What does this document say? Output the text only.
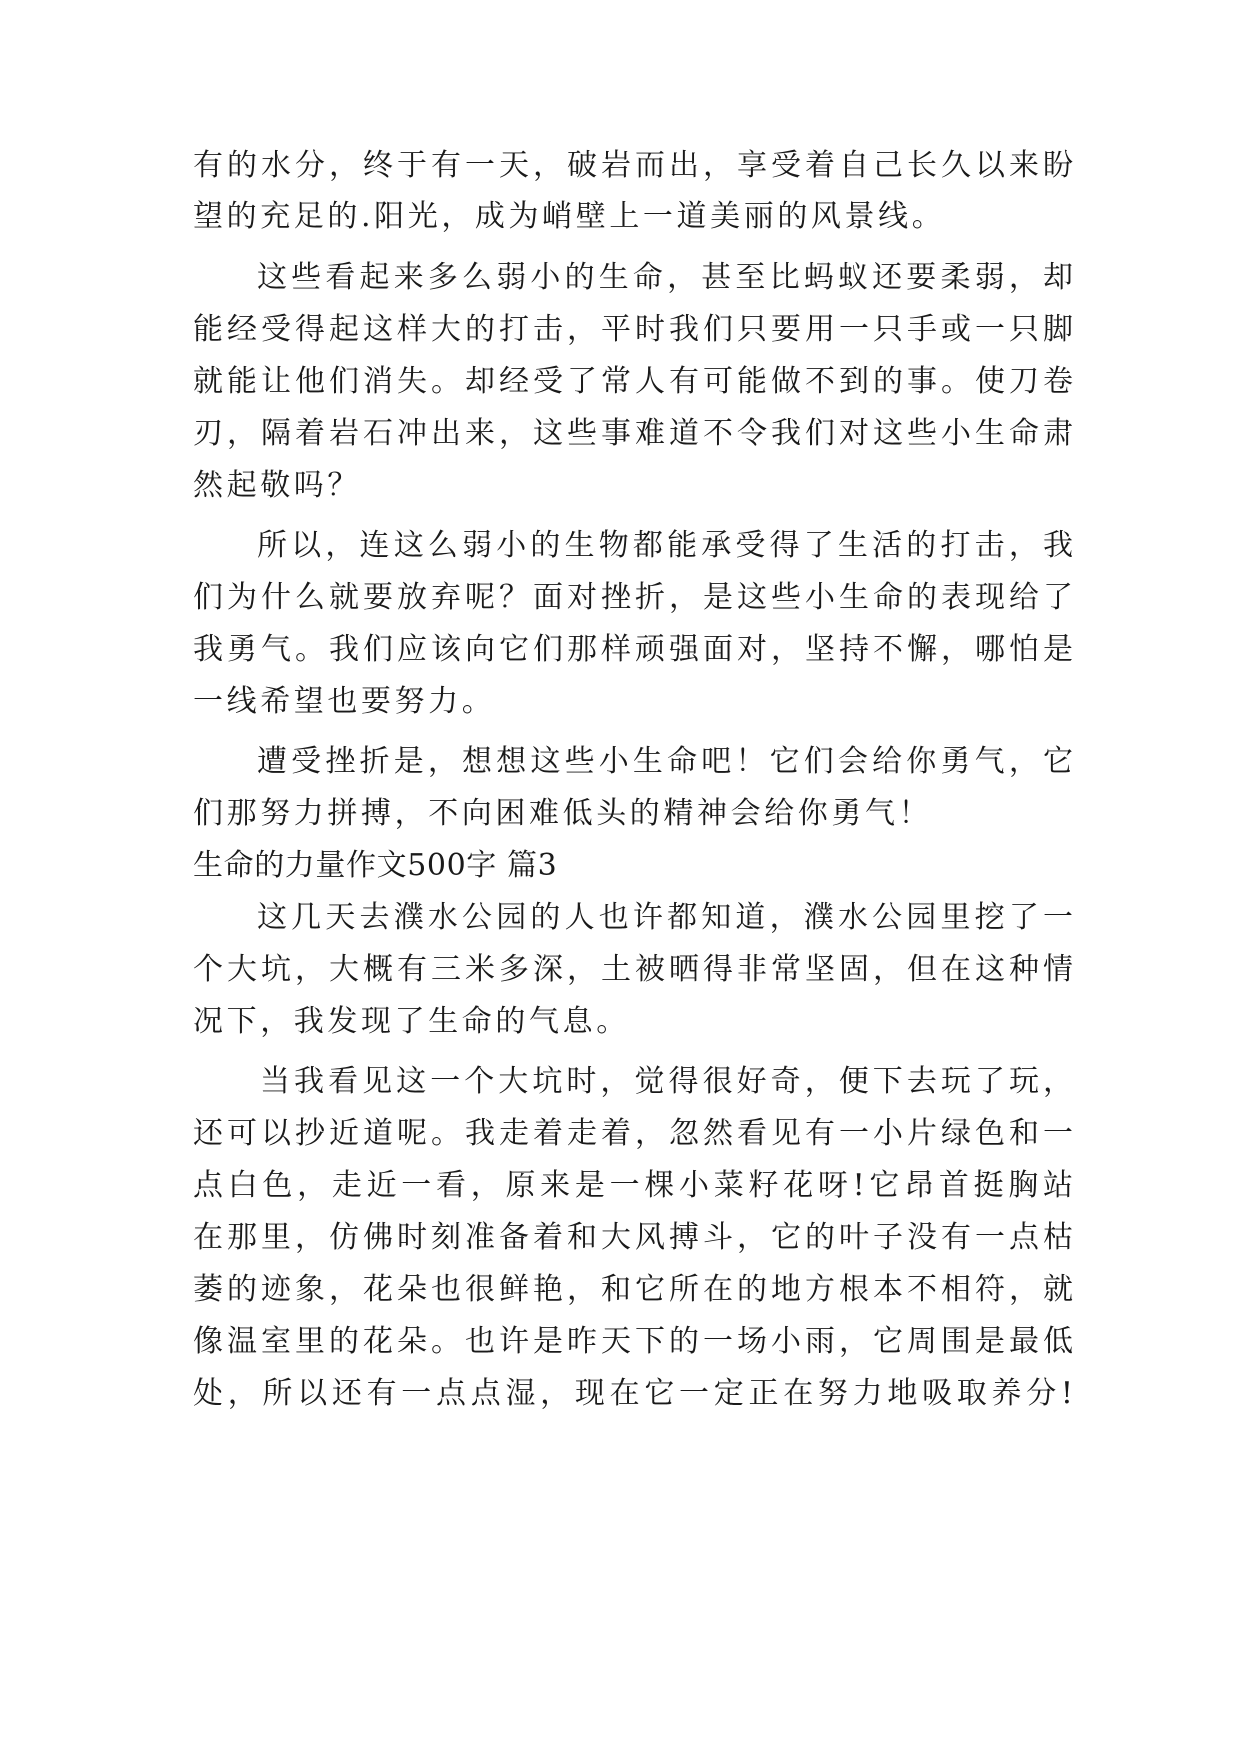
有的水分，终于有一天，破岩而出，享受着自己长久以来盼
望的充足的.阳光，成为峭壁上一道美丽的风景线。
这些看起来多么弱小的生命，甚至比蚂蚁还要柔弱，却
能经受得起这样大的打击，平时我们只要用一只手或一只脚
就能让他们消失。却经受了常人有可能做不到的事。使刀卷
刃，隔着岩石冲出来，这些事难道不令我们对这些小生命肃
然起敬吗？
所以，连这么弱小的生物都能承受得了生活的打击，我
们为什么就要放弃呢？面对挫折，是这些小生命的表现给了
我勇气。我们应该向它们那样顽强面对，坚持不懈，哪怕是
一线希望也要努力。
遭受挫折是，想想这些小生命吧！它们会给你勇气，它
们那努力拼搏，不向困难低头的精神会给你勇气！
生命的力量作文500字 篇3
这几天去濮水公园的人也许都知道，濮水公园里挖了一
个大坑，大概有三米多深，土被晒得非常坚固，但在这种情
况下，我发现了生命的气息。
当我看见这一个大坑时，觉得很好奇，便下去玩了玩，
还可以抄近道呢。我走着走着，忽然看见有一小片绿色和一
点白色，走近一看，原来是一棵小菜籽花呀!它昂首挺胸站
在那里，仿佛时刻准备着和大风搏斗，它的叶子没有一点枯
萎的迹象，花朵也很鲜艳，和它所在的地方根本不相符，就
像温室里的花朵。也许是昨天下的一场小雨，它周围是最低
处，所以还有一点点湿，现在它一定正在努力地吸取养分!
